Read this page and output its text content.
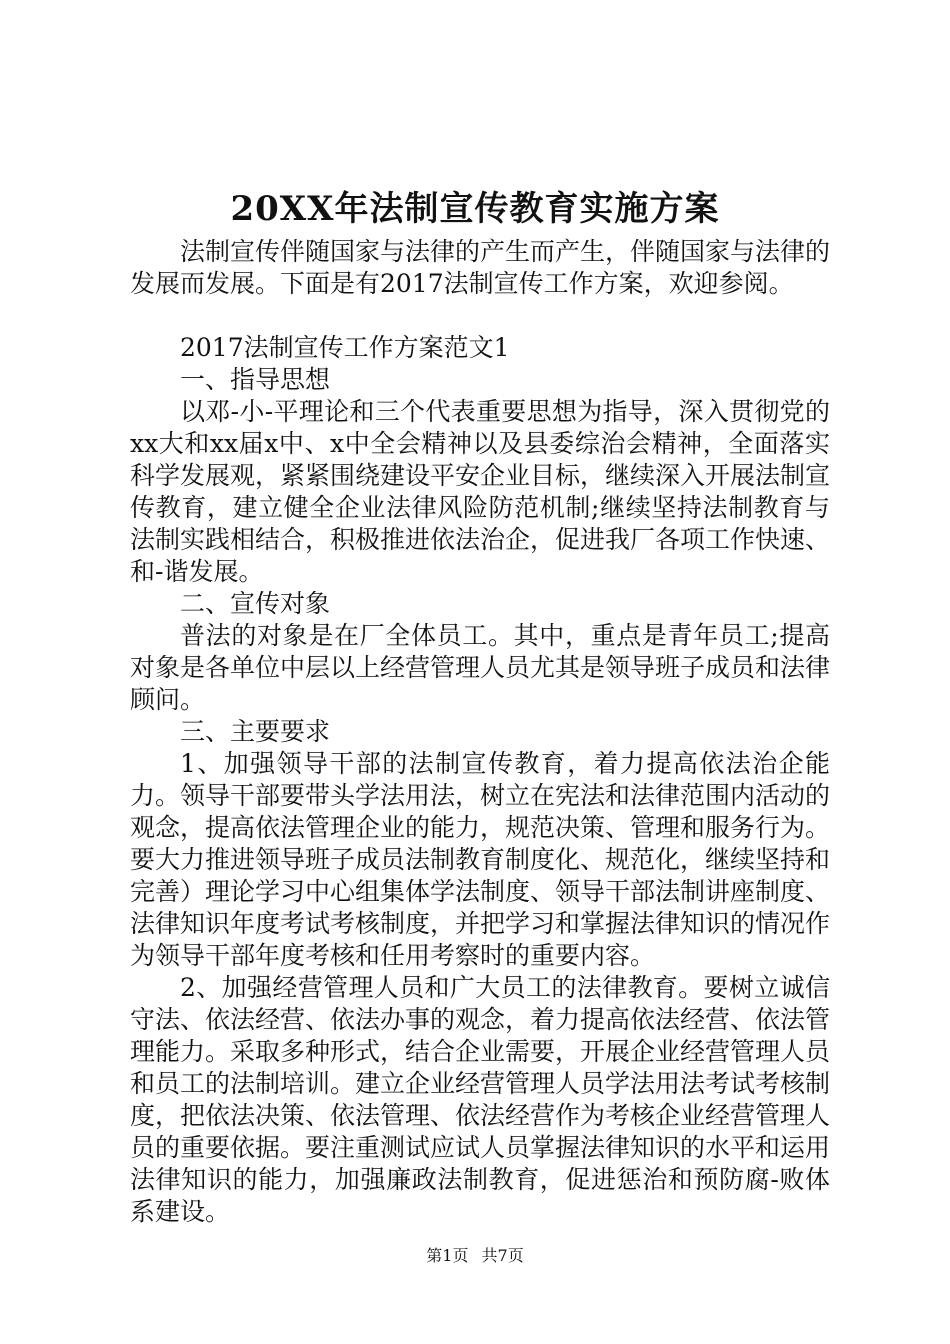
20XX年法制宣传教育实施方案

法制宣传伴随国家与法律的产生而产生，伴随国家与法律的发展而发展。下面是有2017法制宣传工作方案，欢迎参阅。

2017法制宣传工作方案范文1

一、指导思想

以邓-小-平理论和三个代表重要思想为指导，深入贯彻党的xx大和xx届x中、x中全会精神以及县委综治会精神，全面落实科学发展观，紧紧围绕建设平安企业目标，继续深入开展法制宣传教育，建立健全企业法律风险防范机制;继续坚持法制教育与法制实践相结合，积极推进依法治企，促进我厂各项工作快速、和-谐发展。

二、宣传对象

普法的对象是在厂全体员工。其中，重点是青年员工;提高对象是各单位中层以上经营管理人员尤其是领导班子成员和法律顾问。

三、主要要求

1、加强领导干部的法制宣传教育，着力提高依法治企能力。领导干部要带头学法用法，树立在宪法和法律范围内活动的观念，提高依法管理企业的能力，规范决策、管理和服务行为。要大力推进领导班子成员法制教育制度化、规范化，继续坚持和完善）理论学习中心组集体学法制度、领导干部法制讲座制度、法律知识年度考试考核制度，并把学习和掌握法律知识的情况作为领导干部年度考核和任用考察时的重要内容。

2、加强经营管理人员和广大员工的法律教育。要树立诚信守法、依法经营、依法办事的观念，着力提高依法经营、依法管理能力。采取多种形式，结合企业需要，开展企业经营管理人员和员工的法制培训。建立企业经营管理人员学法用法考试考核制度，把依法决策、依法管理、依法经营作为考核企业经营管理人员的重要依据。要注重测试应试人员掌握法律知识的水平和运用法律知识的能力，加强廉政法制教育，促进惩治和预防腐-败体系建设。

第1页 共7页
